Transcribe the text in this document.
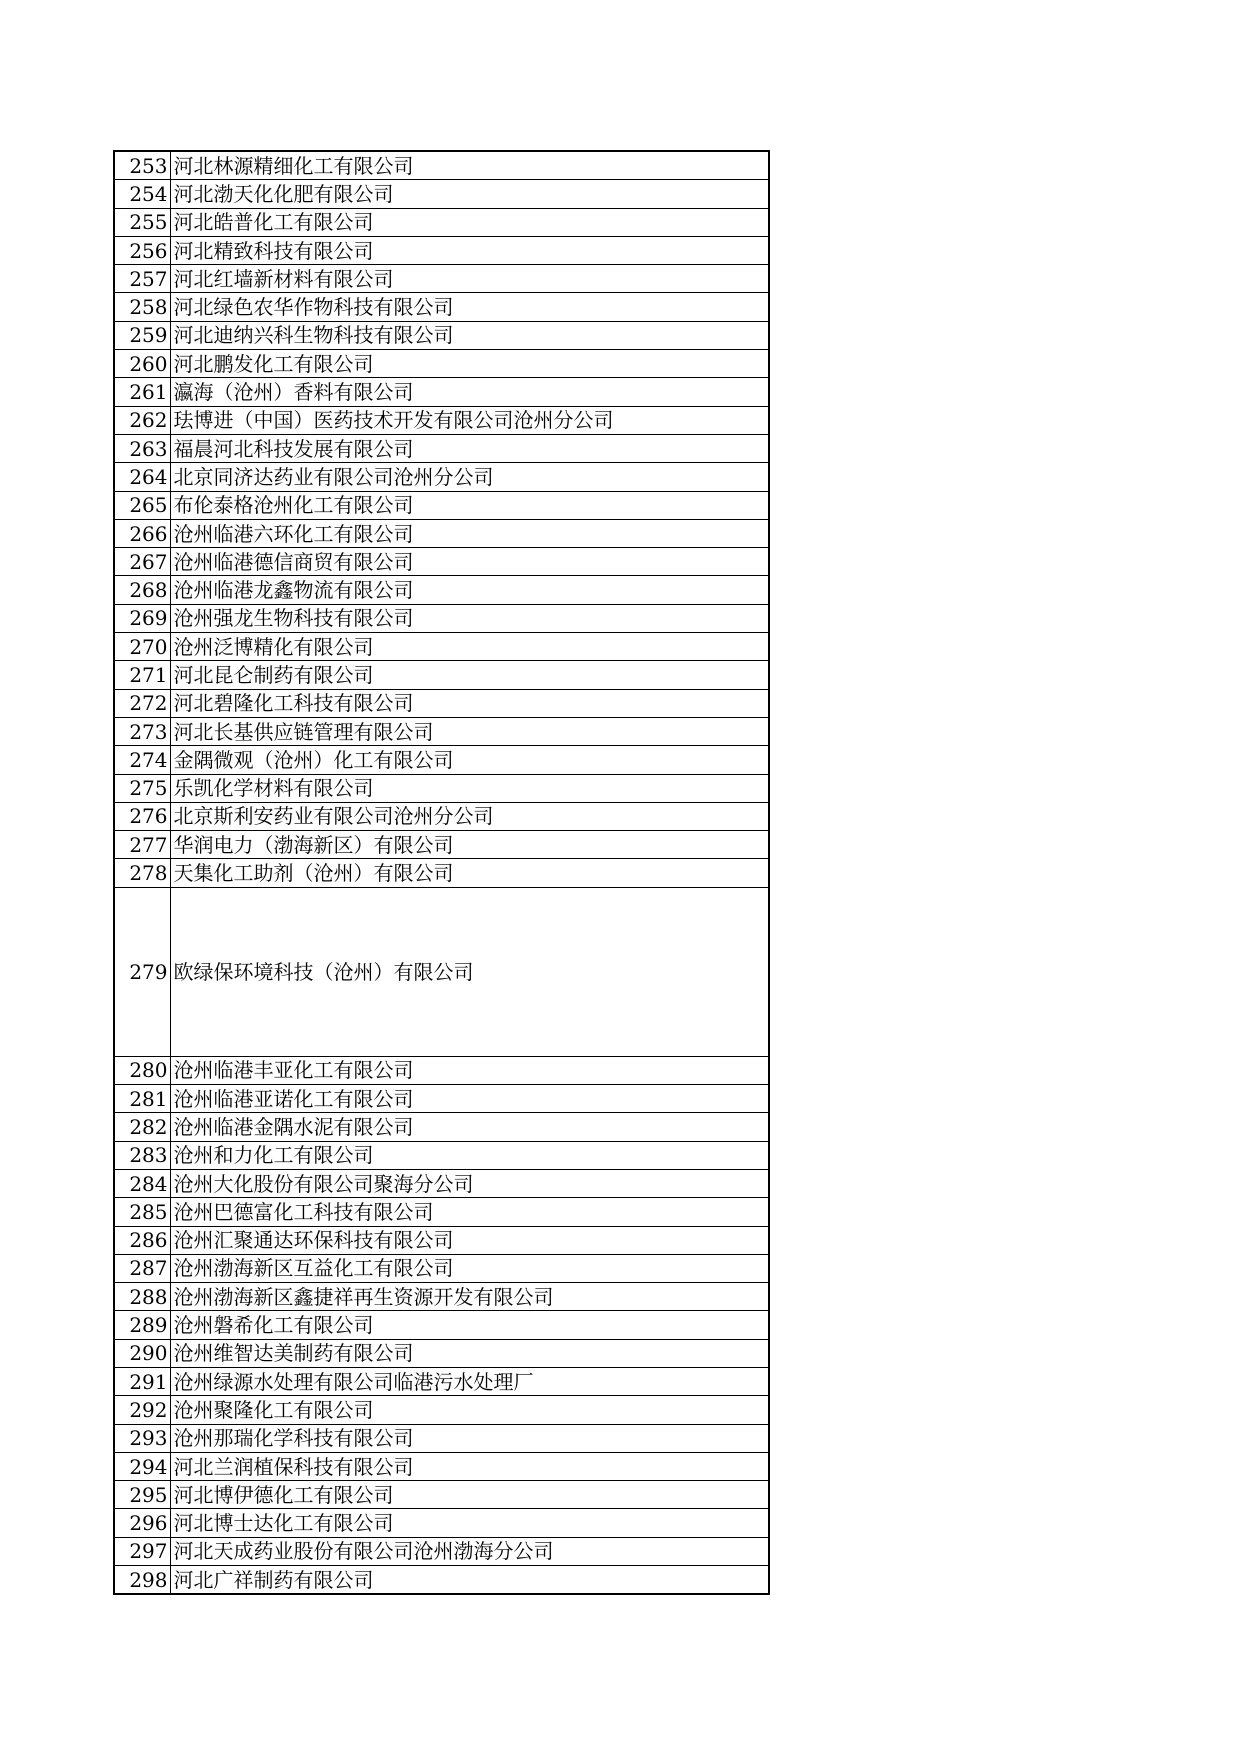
253	河北林源精细化工有限公司
254	河北渤天化化肥有限公司
255	河北皓普化工有限公司
256	河北精致科技有限公司
257	河北红墙新材料有限公司
258	河北绿色农华作物科技有限公司
259	河北迪纳兴科生物科技有限公司
260	河北鹏发化工有限公司
261	瀛海（沧州）香料有限公司
262	珐博进（中国）医药技术开发有限公司沧州分公司
263	福晨河北科技发展有限公司
264	北京同济达药业有限公司沧州分公司
265	布伦泰格沧州化工有限公司
266	沧州临港六环化工有限公司
267	沧州临港德信商贸有限公司
268	沧州临港龙鑫物流有限公司
269	沧州强龙生物科技有限公司
270	沧州泛博精化有限公司
271	河北昆仑制药有限公司
272	河北碧隆化工科技有限公司
273	河北长基供应链管理有限公司
274	金隅微观（沧州）化工有限公司
275	乐凯化学材料有限公司
276	北京斯利安药业有限公司沧州分公司
277	华润电力（渤海新区）有限公司
278	天集化工助剂（沧州）有限公司
279	欧绿保环境科技（沧州）有限公司
280	沧州临港丰亚化工有限公司
281	沧州临港亚诺化工有限公司
282	沧州临港金隅水泥有限公司
283	沧州和力化工有限公司
284	沧州大化股份有限公司聚海分公司
285	沧州巴德富化工科技有限公司
286	沧州汇聚通达环保科技有限公司
287	沧州渤海新区互益化工有限公司
288	沧州渤海新区鑫捷祥再生资源开发有限公司
289	沧州磐希化工有限公司
290	沧州维智达美制药有限公司
291	沧州绿源水处理有限公司临港污水处理厂
292	沧州聚隆化工有限公司
293	沧州那瑞化学科技有限公司
294	河北兰润植保科技有限公司
295	河北博伊德化工有限公司
296	河北博士达化工有限公司
297	河北天成药业股份有限公司沧州渤海分公司
298	河北广祥制药有限公司
